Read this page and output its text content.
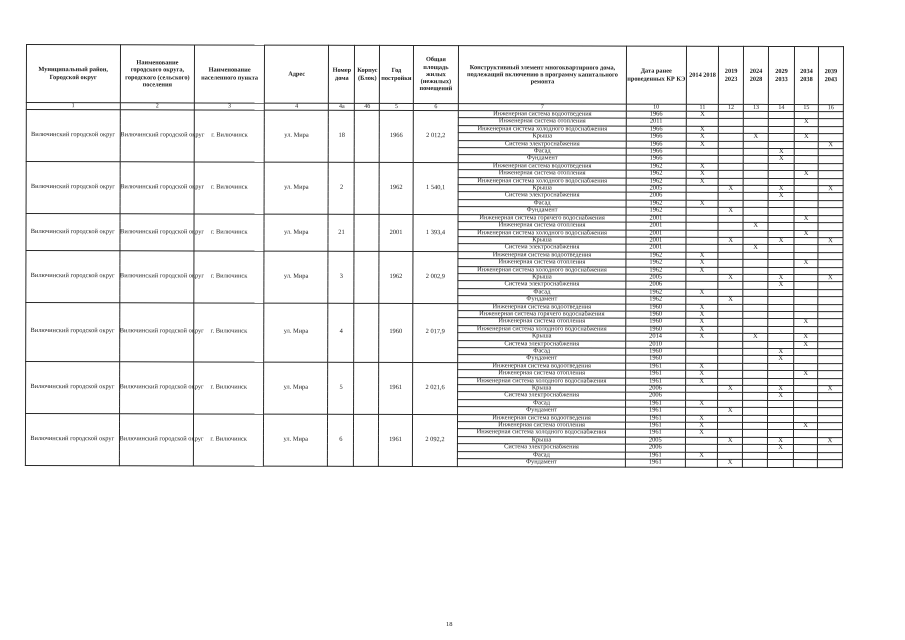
Муниципальный район, Городской округ	Наименование городского округа, городского (сельского) поселения	Наименование населенного пункта	Адрес	Номер дома	Корпус (Блок)	Год постройки	Общая площадь жилых (нежилых) помещений	Конструктивный элемент многоквартирного дома, подлежащий включению в программу капитального ремонта	Дата ранее проведенных КР КЭ	2014 2018	2019 2023	2024 2028	2029 2033	2034 2038	2039 2043
1	2	3	4	4а	4б	5	6	7	10	11	12	13	14	15	16
Вилючинский городской округ	Вилючинский городской округ	г. Вилючинск	ул. Мира	18		1966	2 012,2	Инженерная система водоотведения	1966	X					
								Инженерная система отопления	2011					X	
								Инженерная система холодного водоснабжения	1966	X					
								Крыша	1966	X		X		X	
								Система электроснабжения	1966	X					X
								Фасад	1966				X		
								Фундамент	1966				X		
Вилючинский городской округ	Вилючинский городской округ	г. Вилючинск	ул. Мира	2		1962	1 540,1	Инженерная система водоотведения	1962	X					
								Инженерная система отопления	1962	X				X	
								Инженерная система холодного водоснабжения	1962	X					
								Крыша	2005		X		X		X
								Система электроснабжения	2006				X		
								Фасад	1962	X					
								Фундамент	1962		X				
Вилючинский городской округ	Вилючинский городской округ	г. Вилючинск	ул. Мира	21		2001	1 393,4	Инженерная система горячего водоснабжения	2001					X	
								Инженерная система отопления	2001			X			
								Инженерная система холодного водоснабжения	2001					X	
								Крыша	2001		X		X		X
								Система электроснабжения	2001			X			
Вилючинский городской округ	Вилючинский городской округ	г. Вилючинск	ул. Мира	3		1962	2 002,9	Инженерная система водоотведения	1962	X					
								Инженерная система отопления	1962	X				X	
								Инженерная система холодного водоснабжения	1962	X					
								Крыша	2005		X		X		X
								Система электроснабжения	2006				X		
								Фасад	1962	X					
								Фундамент	1962		X				
Вилючинский городской округ	Вилючинский городской округ	г. Вилючинск	ул. Мира	4		1960	2 017,9	Инженерная система водоотведения	1960	X					
								Инженерная система горячего водоснабжения	1960	X					
								Инженерная система отопления	1960	X				X	
								Инженерная система холодного водоснабжения	1960	X					
								Крыша	2014	X		X		X	
								Система электроснабжения	2010					X	
								Фасад	1960				X		
								Фундамент	1960				X		
Вилючинский городской округ	Вилючинский городской округ	г. Вилючинск	ул. Мира	5		1961	2 021,6	Инженерная система водоотведения	1961	X					
								Инженерная система отопления	1961	X				X	
								Инженерная система холодного водоснабжения	1961	X					
								Крыша	2006		X		X		X
								Система электроснабжения	2006				X		
								Фасад	1961	X					
								Фундамент	1961		X				
Вилючинский городской округ	Вилючинский городской округ	г. Вилючинск	ул. Мира	6		1961	2 092,2	Инженерная система водоотведения	1961	X					
								Инженерная система отопления	1961	X				X	
								Инженерная система холодного водоснабжения	1961	X					
								Крыша	2005		X		X		X
								Система электроснабжения	2006				X		
								Фасад	1961	X					
								Фундамент	1961		X				
18
